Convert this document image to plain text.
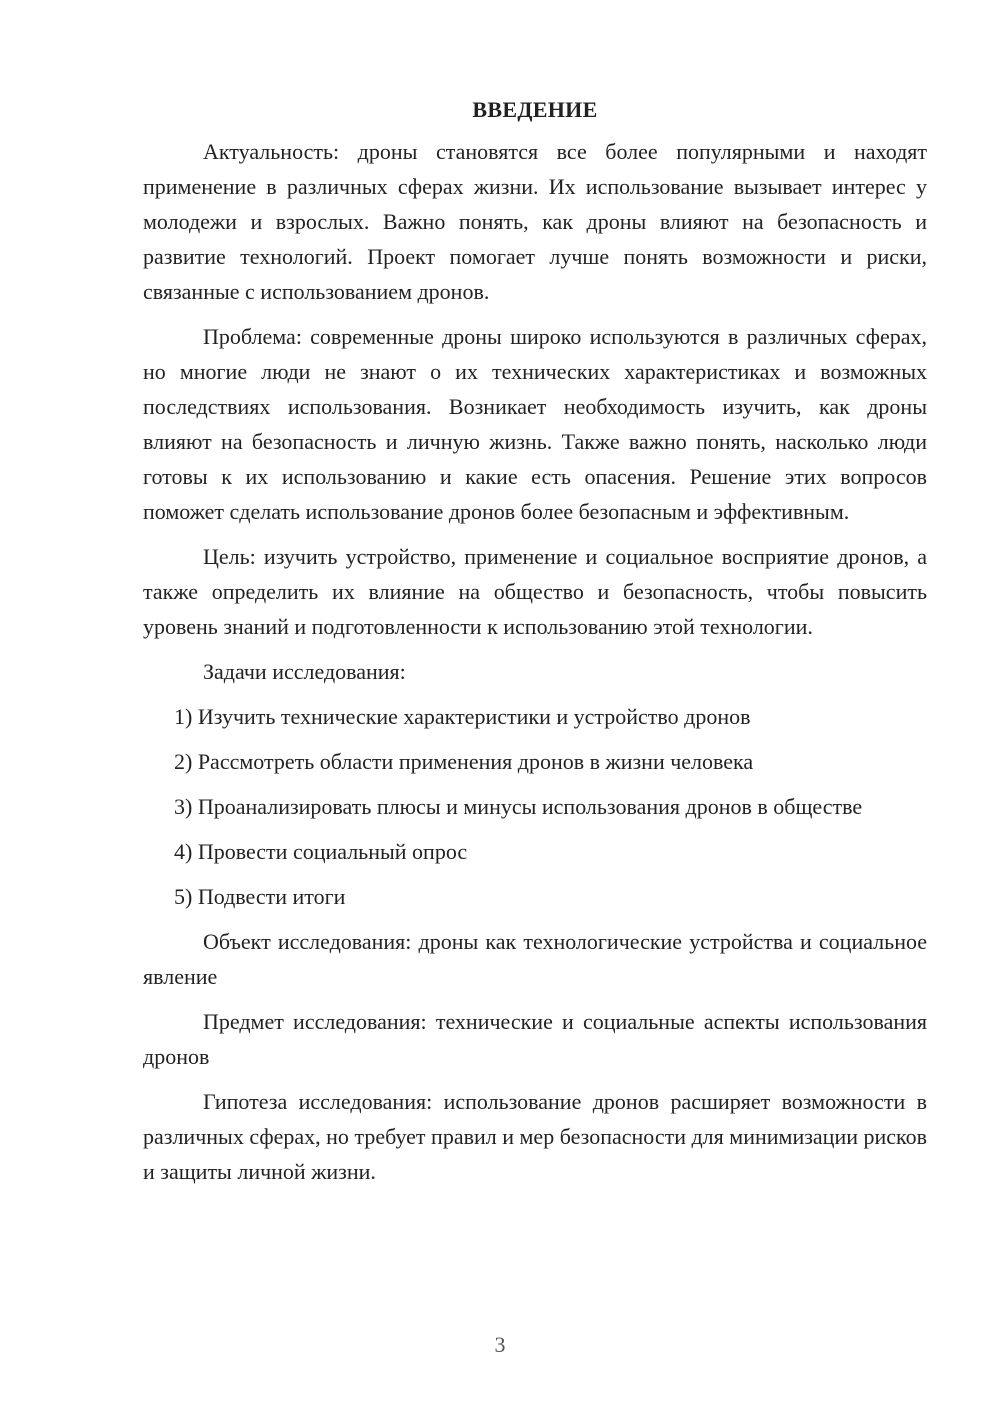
ВВЕДЕНИЕ

Актуальность: дроны становятся все более популярными и находят применение в различных сферах жизни. Их использование вызывает интерес у молодежи и взрослых. Важно понять, как дроны влияют на безопасность и развитие технологий. Проект помогает лучше понять возможности и риски, связанные с использованием дронов.

Проблема: современные дроны широко используются в различных сферах, но многие люди не знают о их технических характеристиках и возможных последствиях использования. Возникает необходимость изучить, как дроны влияют на безопасность и личную жизнь. Также важно понять, насколько люди готовы к их использованию и какие есть опасения. Решение этих вопросов поможет сделать использование дронов более безопасным и эффективным.

Цель: изучить устройство, применение и социальное восприятие дронов, а также определить их влияние на общество и безопасность, чтобы повысить уровень знаний и подготовленности к использованию этой технологии.

Задачи исследования:

1) Изучить технические характеристики и устройство дронов

2) Рассмотреть области применения дронов в жизни человека

3) Проанализировать плюсы и минусы использования дронов в обществе

4) Провести социальный опрос

5) Подвести итоги

Объект исследования: дроны как технологические устройства и социальное явление

Предмет исследования: технические и социальные аспекты использования дронов

Гипотеза исследования: использование дронов расширяет возможности в различных сферах, но требует правил и мер безопасности для минимизации рисков и защиты личной жизни.

3
